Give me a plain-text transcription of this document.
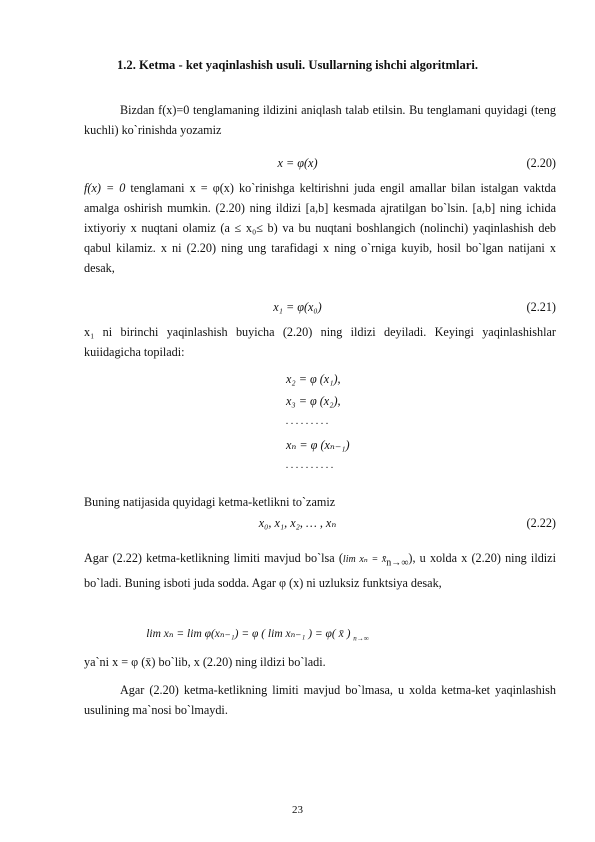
1.2. Ketma - ket yaqinlashish usuli. Usullarning ishchi algoritmlari.
Bizdan f(x)=0 tenglamaning ildizini aniqlash talab etilsin. Bu tenglamani quyidagi (teng kuchli) ko`rinishda yozamiz
x = φ(x)	(2.20)
f(x) = 0 tenglamani x = φ(x) ko`rinishga keltirishni juda engil amallar bilan istalgan vaktda amalga oshirish mumkin. (2.20) ning ildizi [a,b] kesmada ajratilgan bo`lsin. [a,b] ning ichida ixtiyoriy x nuqtani olamiz (a ≤ x₀≤ b) va bu nuqtani boshlangich (nolinchi) yaqinlashish deb qabul kilamiz. x ni (2.20) ning ung tarafidagi x ning o`rniga kuyib, hosil bo`lgan natijani x desak,
x₁ = φ(x₀)	(2.21)
x₁ ni birinchi yaqinlashish buyicha (2.20) ning ildizi deyiladi. Keyingi yaqinlashishlar kuiidagicha topiladi:
x₂ = φ (x₁),
x₃ = φ (x₂),
. . . . . . . . .
xₙ = φ (xₙ₋₁)
. . . . . . . . . .
Buning natijasida quyidagi ketma-ketlikni to`zamiz
x₀, x₁, x₂, … , xₙ	(2.22)
Agar (2.22) ketma-ketlikning limiti mavjud bo`lsa (lim $x_n = x̄_{n\to\infty}$), u xolda x (2.20) ning ildizi bo`ladi. Buning isboti juda sodda. Agar φ (x) ni uzluksiz funktsiya desak,
lim xₙ = lim φ(xₙ₋₁) = φ ( lim xₙ₋₁ ) = φ( x̄ ) $_{n\to\infty}$
ya`ni x = φ (x̄) bo`lib, x (2.20) ning ildizi bo`ladi.
Agar (2.20) ketma-ketlikning limiti mavjud bo`lmasa, u xolda ketma-ket yaqinlashish usulining ma`nosi bo`lmaydi.
23
